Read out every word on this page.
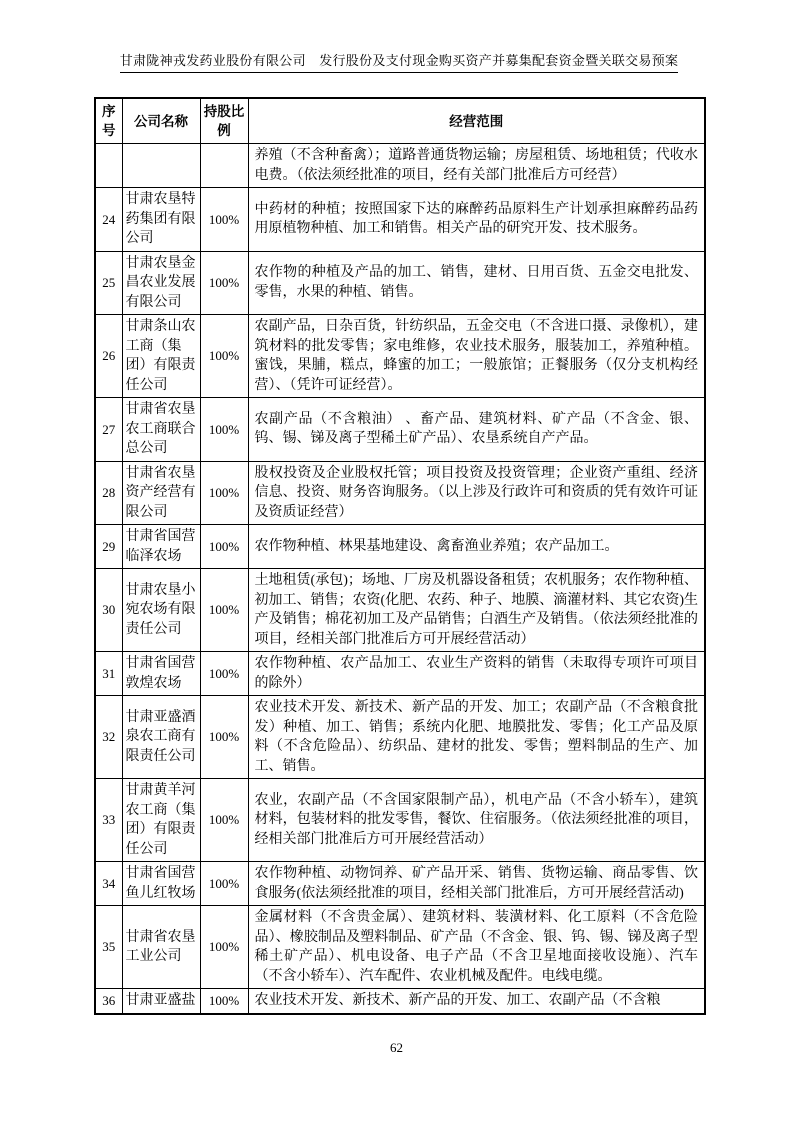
甘肃陇神戎发药业股份有限公司　发行股份及支付现金购买资产并募集配套资金暨关联交易预案
序号	公司名称	持股比例	经营范围
			养殖（不含种畜禽）；道路普通货物运输；房屋租赁、场地租赁；代收水电费。（依法须经批准的项目，经有关部门批准后方可经营）
24	甘肃农垦特药集团有限公司	100%	中药材的种植；按照国家下达的麻醉药品原料生产计划承担麻醉药品药用原植物种植、加工和销售。相关产品的研究开发、技术服务。
25	甘肃农垦金昌农业发展有限公司	100%	农作物的种植及产品的加工、销售，建材、日用百货、五金交电批发、零售，水果的种植、销售。
26	甘肃条山农工商（集团）有限责任公司	100%	农副产品，日杂百货，针纺织品，五金交电（不含进口摄、录像机），建筑材料的批发零售；家电维修，农业技术服务，服装加工，养殖种植。蜜饯，果脯，糕点，蜂蜜的加工；一般旅馆；正餐服务（仅分支机构经营）、（凭许可证经营）。
27	甘肃省农垦农工商联合总公司	100%	农副产品（不含粮油） 、畜产品、建筑材料、矿产品（不含金、银、钨、锡、锑及离子型稀土矿产品）、农垦系统自产产品。
28	甘肃省农垦资产经营有限公司	100%	股权投资及企业股权托管；项目投资及投资管理；企业资产重组、经济信息、投资、财务咨询服务。（以上涉及行政许可和资质的凭有效许可证及资质证经营）
29	甘肃省国营临泽农场	100%	农作物种植、林果基地建设、禽畜渔业养殖；农产品加工。
30	甘肃农垦小宛农场有限责任公司	100%	土地租赁(承包)；场地、厂房及机器设备租赁；农机服务；农作物种植、初加工、销售；农资(化肥、农药、种子、地膜、滴灌材料、其它农资)生产及销售；棉花初加工及产品销售；白酒生产及销售。（依法须经批准的项目，经相关部门批准后方可开展经营活动）
31	甘肃省国营敦煌农场	100%	农作物种植、农产品加工、农业生产资料的销售（未取得专项许可项目的除外）
32	甘肃亚盛酒泉农工商有限责任公司	100%	农业技术开发、新技术、新产品的开发、加工；农副产品（不含粮食批发）种植、加工、销售；系统内化肥、地膜批发、零售；化工产品及原料（不含危险品）、纺织品、建材的批发、零售；塑料制品的生产、加工、销售。
33	甘肃黄羊河农工商（集团）有限责任公司	100%	农业，农副产品（不含国家限制产品），机电产品（不含小轿车），建筑材料，包装材料的批发零售，餐饮、住宿服务。（依法须经批准的项目，经相关部门批准后方可开展经营活动）
34	甘肃省国营鱼儿红牧场	100%	农作物种植、动物饲养、矿产品开采、销售、货物运输、商品零售、饮食服务(依法须经批准的项目，经相关部门批准后，方可开展经营活动)
35	甘肃省农垦工业公司	100%	金属材料（不含贵金属）、建筑材料、装潢材料、化工原料（不含危险品）、橡胶制品及塑料制品、矿产品（不含金、银、钨、锡、锑及离子型稀土矿产品）、机电设备、电子产品（不含卫星地面接收设施）、汽车（不含小轿车）、汽车配件、农业机械及配件。电线电缆。
36	甘肃亚盛盐	100%	农业技术开发、新技术、新产品的开发、加工、农副产品（不含粮
62
